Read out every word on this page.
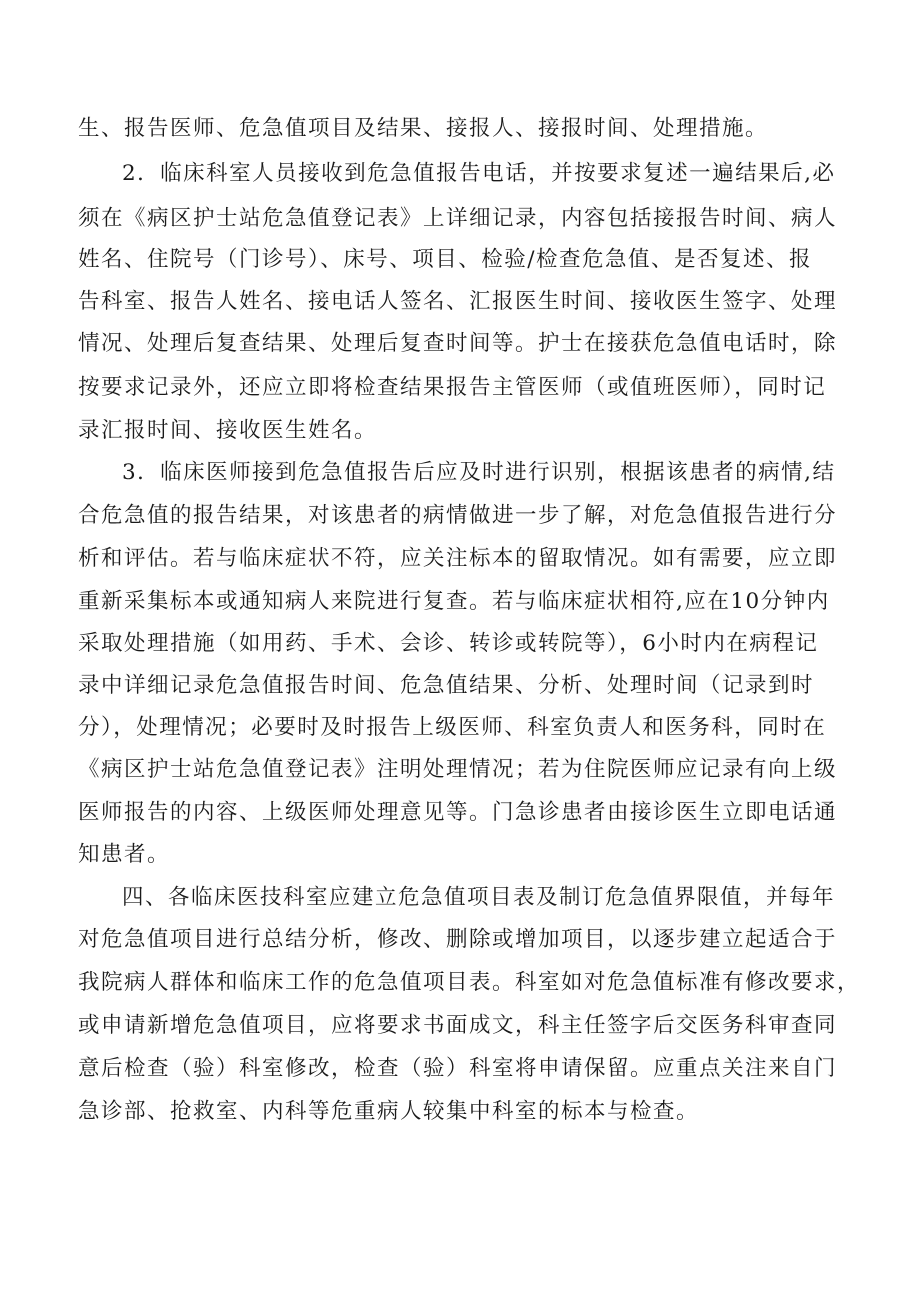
生、报告医师、危急值项目及结果、接报人、接报时间、处理措施。
2．临床科室人员接收到危急值报告电话，并按要求复述一遍结果后,必
须在《病区护士站危急值登记表》上详细记录，内容包括接报告时间、病人
姓名、住院号（门诊号）、床号、项目、检验/检查危急值、是否复述、报
告科室、报告人姓名、接电话人签名、汇报医生时间、接收医生签字、处理
情况、处理后复查结果、处理后复查时间等。护士在接获危急值电话时，除
按要求记录外，还应立即将检查结果报告主管医师（或值班医师），同时记
录汇报时间、接收医生姓名。
3．临床医师接到危急值报告后应及时进行识别，根据该患者的病情,结
合危急值的报告结果，对该患者的病情做进一步了解，对危急值报告进行分
析和评估。若与临床症状不符，应关注标本的留取情况。如有需要，应立即
重新采集标本或通知病人来院进行复查。若与临床症状相符,应在10分钟内
采取处理措施（如用药、手术、会诊、转诊或转院等），6小时内在病程记
录中详细记录危急值报告时间、危急值结果、分析、处理时间（记录到时
分），处理情况；必要时及时报告上级医师、科室负责人和医务科，同时在
《病区护士站危急值登记表》注明处理情况；若为住院医师应记录有向上级
医师报告的内容、上级医师处理意见等。门急诊患者由接诊医生立即电话通
知患者。
四、各临床医技科室应建立危急值项目表及制订危急值界限值，并每年
对危急值项目进行总结分析，修改、删除或增加项目，以逐步建立起适合于
我院病人群体和临床工作的危急值项目表。科室如对危急值标准有修改要求，
或申请新增危急值项目，应将要求书面成文，科主任签字后交医务科审查同
意后检查（验）科室修改，检查（验）科室将申请保留。应重点关注来自门
急诊部、抢救室、内科等危重病人较集中科室的标本与检查。
